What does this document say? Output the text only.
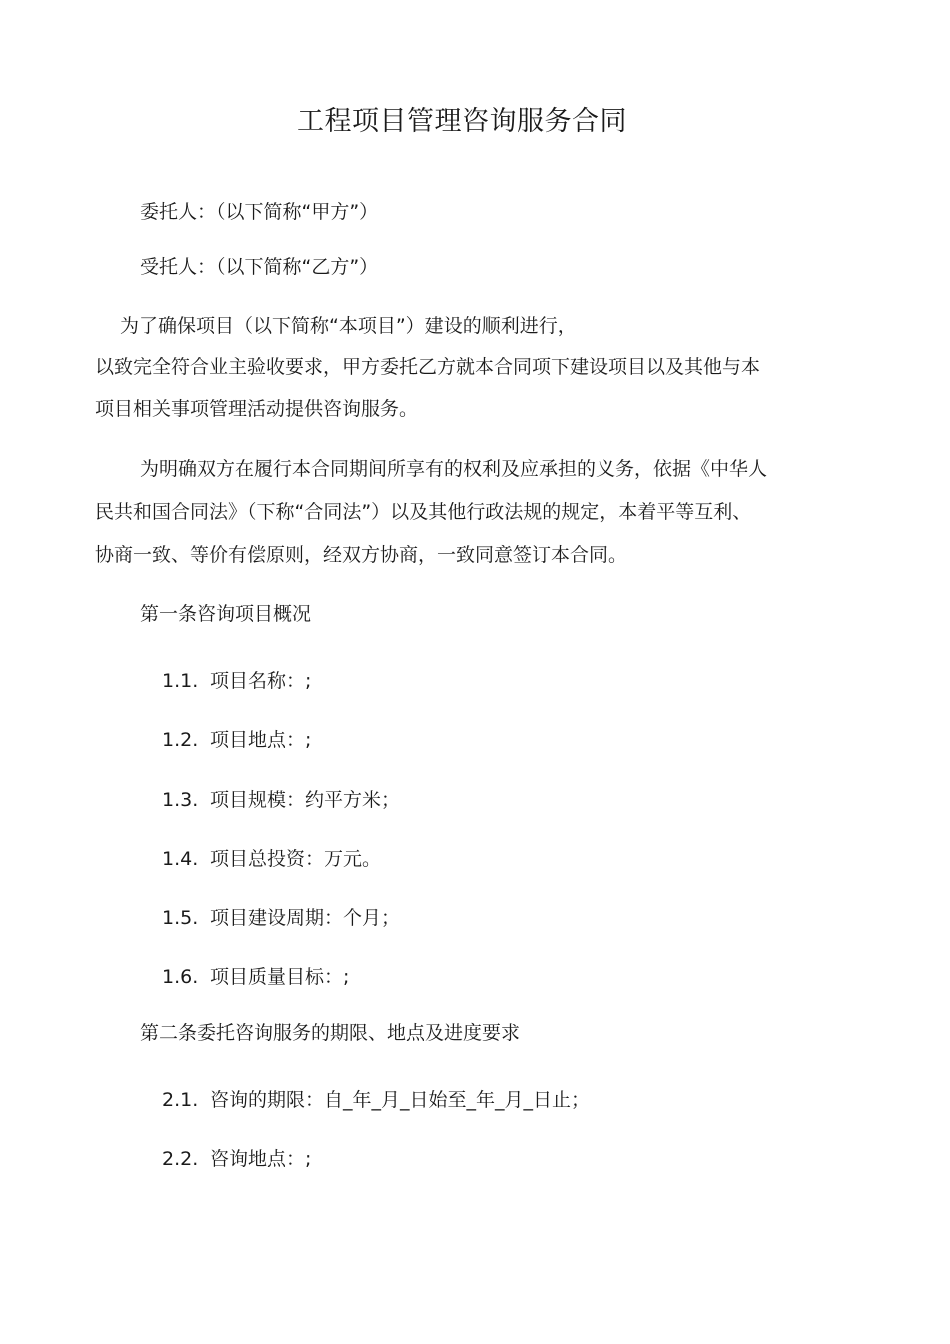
工程项目管理咨询服务合同
委托人：（以下简称“甲方”）
受托人：（以下简称“乙方”）
为了确保项目（以下简称“本项目”）建设的顺利进行，
以致完全符合业主验收要求，甲方委托乙方就本合同项下建设项目以及其他与本
项目相关事项管理活动提供咨询服务。
为明确双方在履行本合同期间所享有的权利及应承担的义务，依据《中华人
民共和国合同法》（下称“合同法”）以及其他行政法规的规定，本着平等互利、
协商一致、等价有偿原则，经双方协商，一致同意签订本合同。
第一条咨询项目概况
1.1. 项目名称：;
1.2. 项目地点：;
1.3. 项目规模：约平方米；
1.4. 项目总投资：万元。
1.5. 项目建设周期：个月；
1.6. 项目质量目标：;
第二条委托咨询服务的期限、地点及进度要求
2.1. 咨询的期限：自_年_月_日始至_年_月_日止；
2.2. 咨询地点：;
